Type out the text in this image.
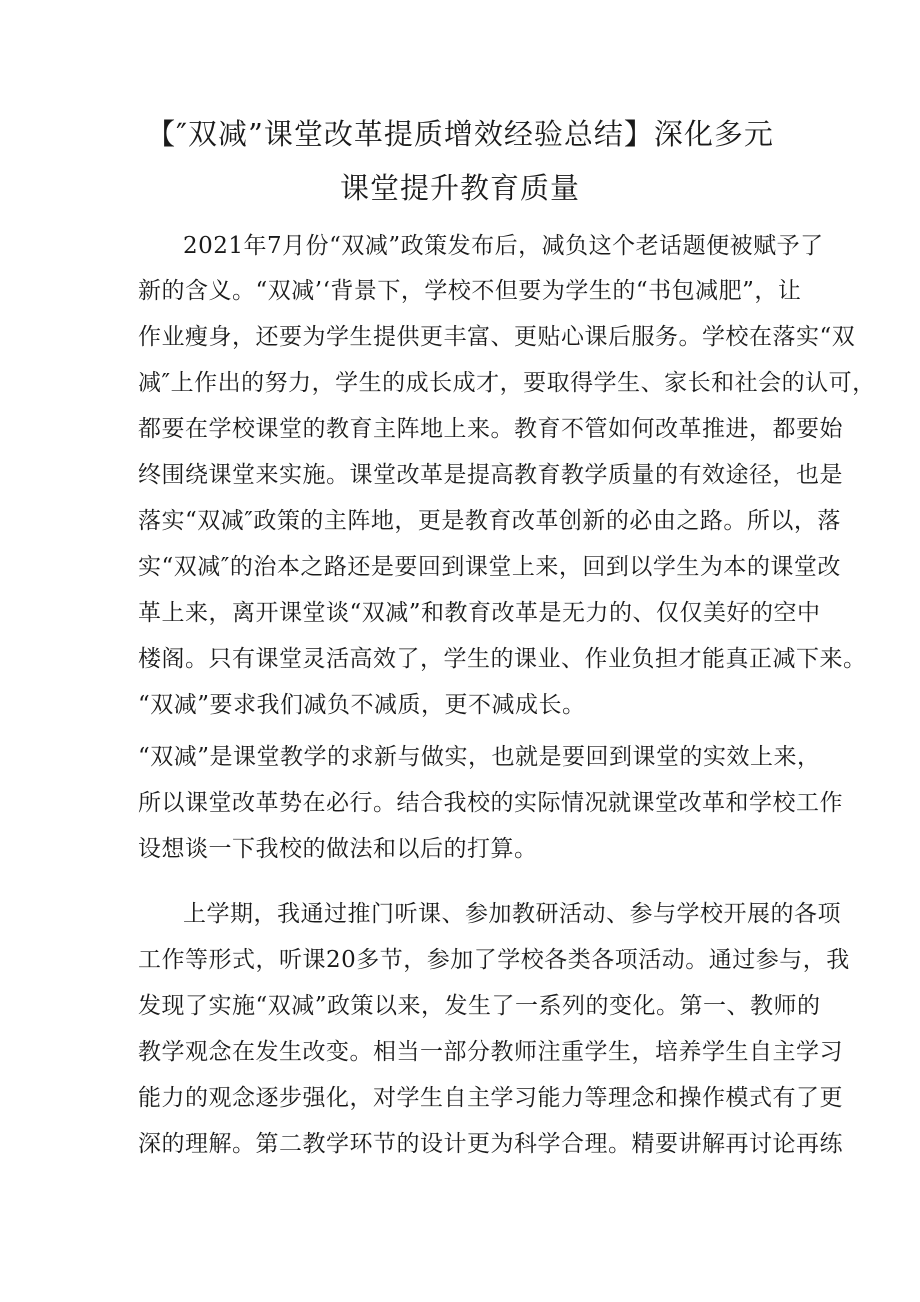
【″双减”课堂改革提质增效经验总结】深化多元
课堂提升教育质量
2021年7月份“双减”政策发布后，减负这个老话题便被赋予了
新的含义。“双减’‘背景下，学校不但要为学生的“书包减肥”，让
作业瘦身，还要为学生提供更丰富、更贴心课后服务。学校在落实“双
减″上作出的努力，学生的成长成才，要取得学生、家长和社会的认可，
都要在学校课堂的教育主阵地上来。教育不管如何改革推进，都要始
终围绕课堂来实施。课堂改革是提高教育教学质量的有效途径，也是
落实“双减″政策的主阵地，更是教育改革创新的必由之路。所以，落
实“双减″的治本之路还是要回到课堂上来，回到以学生为本的课堂改
革上来，离开课堂谈“双减”和教育改革是无力的、仅仅美好的空中
楼阁。只有课堂灵活高效了，学生的课业、作业负担才能真正减下来。
“双减”要求我们减负不减质，更不减成长。
“双减”是课堂教学的求新与做实，也就是要回到课堂的实效上来，
所以课堂改革势在必行。结合我校的实际情况就课堂改革和学校工作
设想谈一下我校的做法和以后的打算。
上学期，我通过推门听课、参加教研活动、参与学校开展的各项
工作等形式，听课20多节，参加了学校各类各项活动。通过参与，我
发现了实施“双减”政策以来，发生了一系列的变化。第一、教师的
教学观念在发生改变。相当一部分教师注重学生，培养学生自主学习
能力的观念逐步强化，对学生自主学习能力等理念和操作模式有了更
深的理解。第二教学环节的设计更为科学合理。精要讲解再讨论再练
